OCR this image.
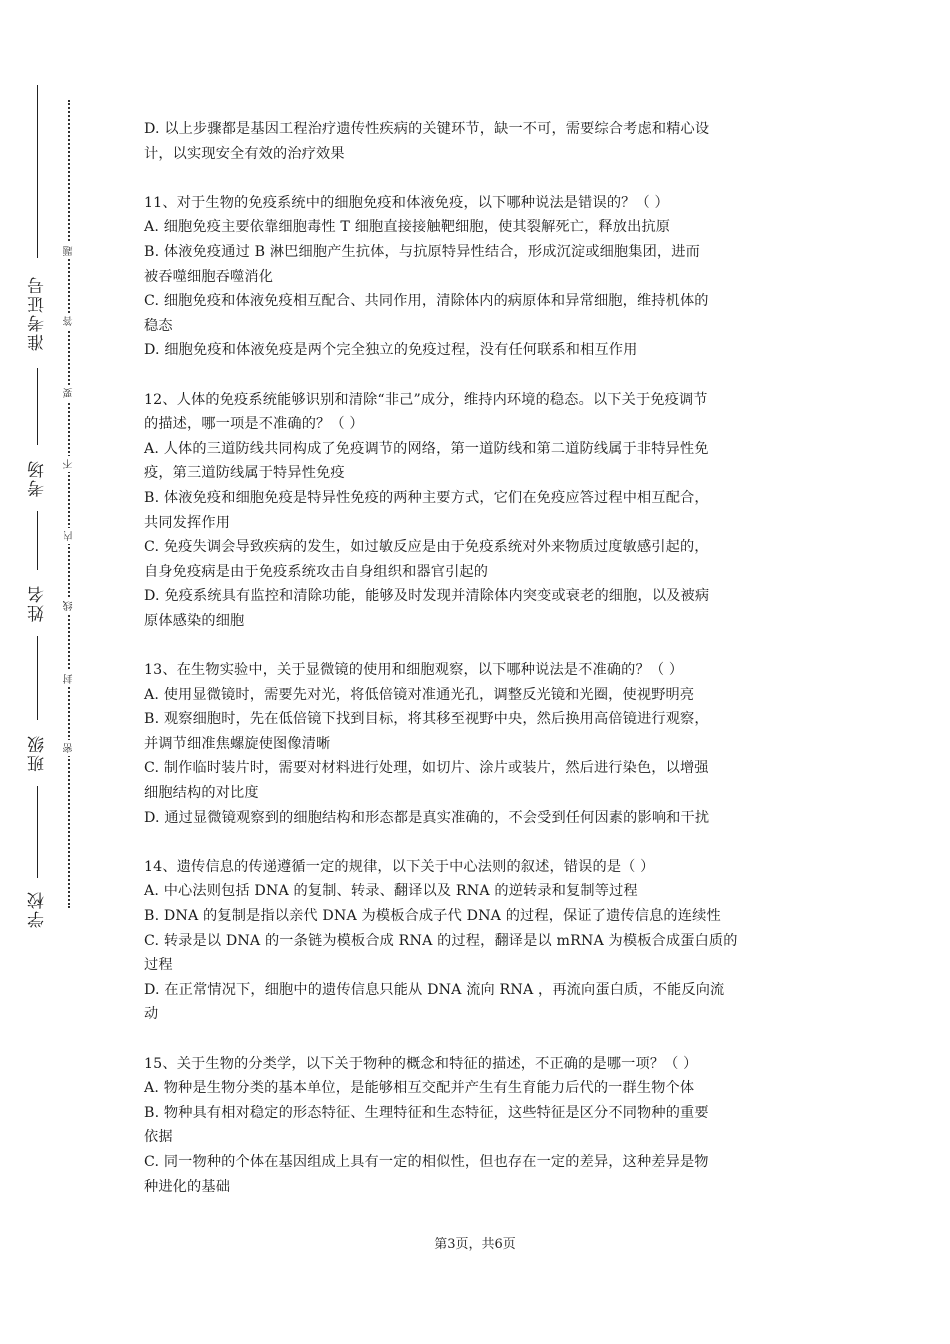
准考证号
考场
姓名
班级
学校
题
答
要
不
内
线
封
密
D. 以上步骤都是基因工程治疗遗传性疾病的关键环节，缺一不可，需要综合考虑和精心设
计，以实现安全有效的治疗效果
11、对于生物的免疫系统中的细胞免疫和体液免疫，以下哪种说法是错误的？（ ）
A. 细胞免疫主要依靠细胞毒性 T 细胞直接接触靶细胞，使其裂解死亡，释放出抗原
B. 体液免疫通过 B 淋巴细胞产生抗体，与抗原特异性结合，形成沉淀或细胞集团，进而
被吞噬细胞吞噬消化
C. 细胞免疫和体液免疫相互配合、共同作用，清除体内的病原体和异常细胞，维持机体的
稳态
D. 细胞免疫和体液免疫是两个完全独立的免疫过程，没有任何联系和相互作用
12、人体的免疫系统能够识别和清除“非己”成分，维持内环境的稳态。以下关于免疫调节
的描述，哪一项是不准确的？（ ）
A. 人体的三道防线共同构成了免疫调节的网络，第一道防线和第二道防线属于非特异性免
疫，第三道防线属于特异性免疫
B. 体液免疫和细胞免疫是特异性免疫的两种主要方式，它们在免疫应答过程中相互配合，
共同发挥作用
C. 免疫失调会导致疾病的发生，如过敏反应是由于免疫系统对外来物质过度敏感引起的，
自身免疫病是由于免疫系统攻击自身组织和器官引起的
D. 免疫系统具有监控和清除功能，能够及时发现并清除体内突变或衰老的细胞，以及被病
原体感染的细胞
13、在生物实验中，关于显微镜的使用和细胞观察，以下哪种说法是不准确的？（ ）
A. 使用显微镜时，需要先对光，将低倍镜对准通光孔，调整反光镜和光圈，使视野明亮
B. 观察细胞时，先在低倍镜下找到目标，将其移至视野中央，然后换用高倍镜进行观察，
并调节细准焦螺旋使图像清晰
C. 制作临时装片时，需要对材料进行处理，如切片、涂片或装片，然后进行染色，以增强
细胞结构的对比度
D. 通过显微镜观察到的细胞结构和形态都是真实准确的，不会受到任何因素的影响和干扰
14、遗传信息的传递遵循一定的规律，以下关于中心法则的叙述，错误的是（ ）
A. 中心法则包括 DNA 的复制、转录、翻译以及 RNA 的逆转录和复制等过程
B. DNA 的复制是指以亲代 DNA 为模板合成子代 DNA 的过程，保证了遗传信息的连续性
C. 转录是以 DNA 的一条链为模板合成 RNA 的过程，翻译是以 mRNA 为模板合成蛋白质的
过程
D. 在正常情况下，细胞中的遗传信息只能从 DNA 流向 RNA ，再流向蛋白质，不能反向流
动
15、关于生物的分类学，以下关于物种的概念和特征的描述，不正确的是哪一项？（ ）
A. 物种是生物分类的基本单位，是能够相互交配并产生有生育能力后代的一群生物个体
B. 物种具有相对稳定的形态特征、生理特征和生态特征，这些特征是区分不同物种的重要
依据
C. 同一物种的个体在基因组成上具有一定的相似性，但也存在一定的差异，这种差异是物
种进化的基础
第3页，共6页
